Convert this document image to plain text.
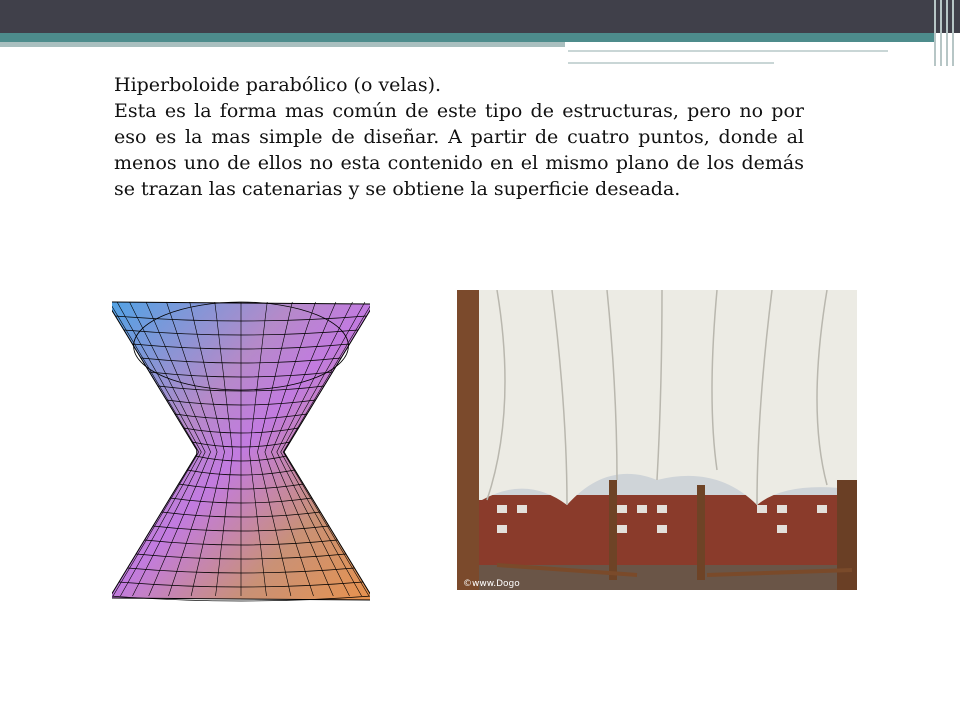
Hiperboloide parabólico (o velas).

Esta es la forma mas común de este tipo de estructuras, pero no por eso es la mas simple de diseñar. A partir de cuatro puntos, donde al menos uno de ellos no esta contenido en el mismo plano de los demás se trazan las catenarias y se obtiene la superficie deseada.

©www.Dogo
